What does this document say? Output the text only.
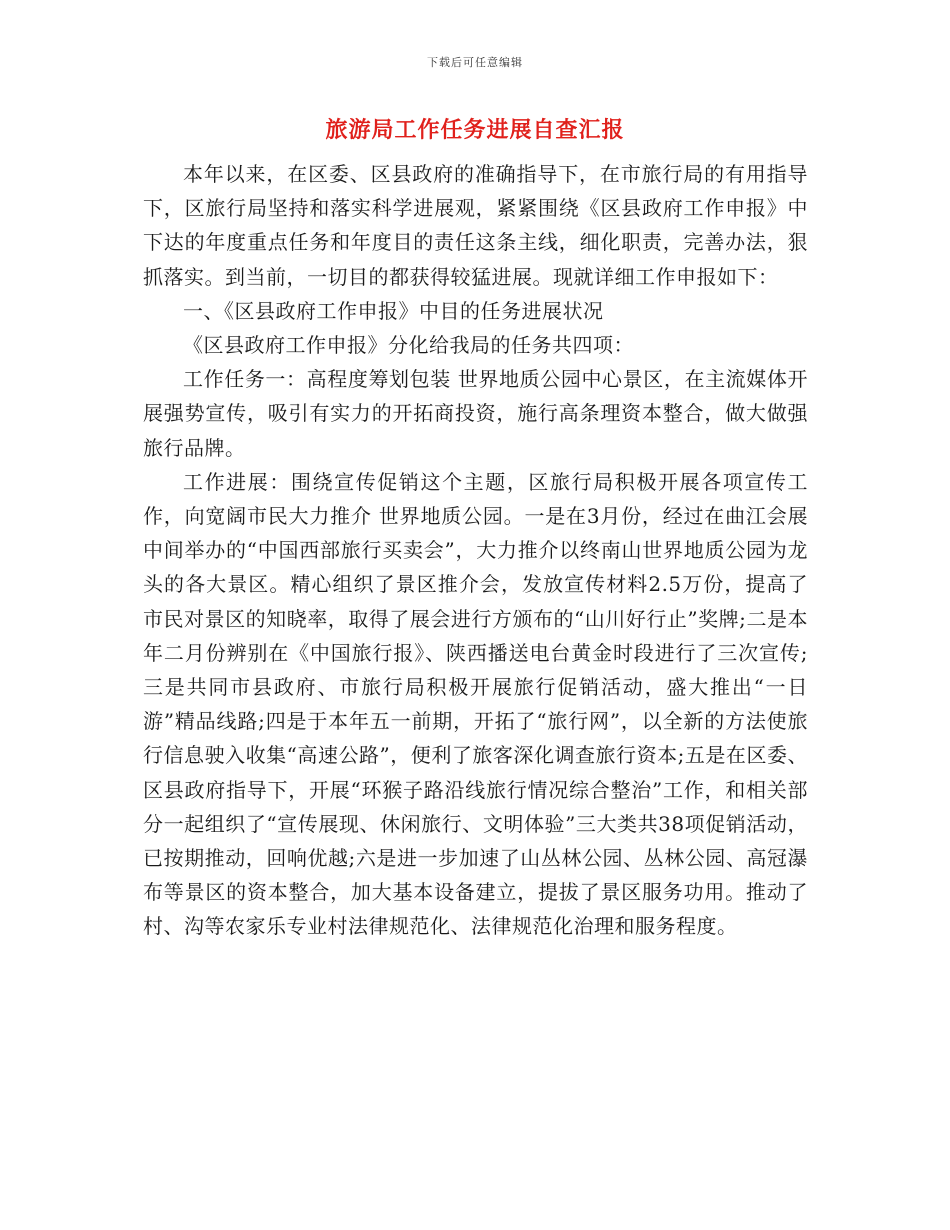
下载后可任意编辑
旅游局工作任务进展自查汇报

本年以来，在区委、区县政府的准确指导下，在市旅行局的有用指导下，区旅行局坚持和落实科学进展观，紧紧围绕《区县政府工作申报》中下达的年度重点任务和年度目的责任这条主线，细化职责，完善办法，狠抓落实。到当前，一切目的都获得较猛进展。现就详细工作申报如下：

一、《区县政府工作申报》中目的任务进展状况

《区县政府工作申报》分化给我局的任务共四项：

工作任务一：高程度筹划包装 世界地质公园中心景区，在主流媒体开展强势宣传，吸引有实力的开拓商投资，施行高条理资本整合，做大做强旅行品牌。

工作进展：围绕宣传促销这个主题，区旅行局积极开展各项宣传工作，向宽阔市民大力推介 世界地质公园。一是在3月份，经过在曲江会展中间举办的“中国西部旅行买卖会”，大力推介以终南山世界地质公园为龙头的各大景区。精心组织了景区推介会，发放宣传材料2.5万份，提高了市民对景区的知晓率，取得了展会进行方颁布的“山川好行止”奖牌;二是本年二月份辨别在《中国旅行报》、陕西播送电台黄金时段进行了三次宣传;三是共同市县政府、市旅行局积极开展旅行促销活动，盛大推出“一日游”精品线路;四是于本年五一前期，开拓了“旅行网”，以全新的方法使旅行信息驶入收集“高速公路”，便利了旅客深化调查旅行资本;五是在区委、区县政府指导下，开展“环猴子路沿线旅行情况综合整治”工作，和相关部分一起组织了“宣传展现、休闲旅行、文明体验”三大类共38项促销活动，已按期推动，回响优越;六是进一步加速了山丛林公园、丛林公园、高冠瀑布等景区的资本整合，加大基本设备建立，提拔了景区服务功用。推动了村、沟等农家乐专业村法律规范化、法律规范化治理和服务程度。
